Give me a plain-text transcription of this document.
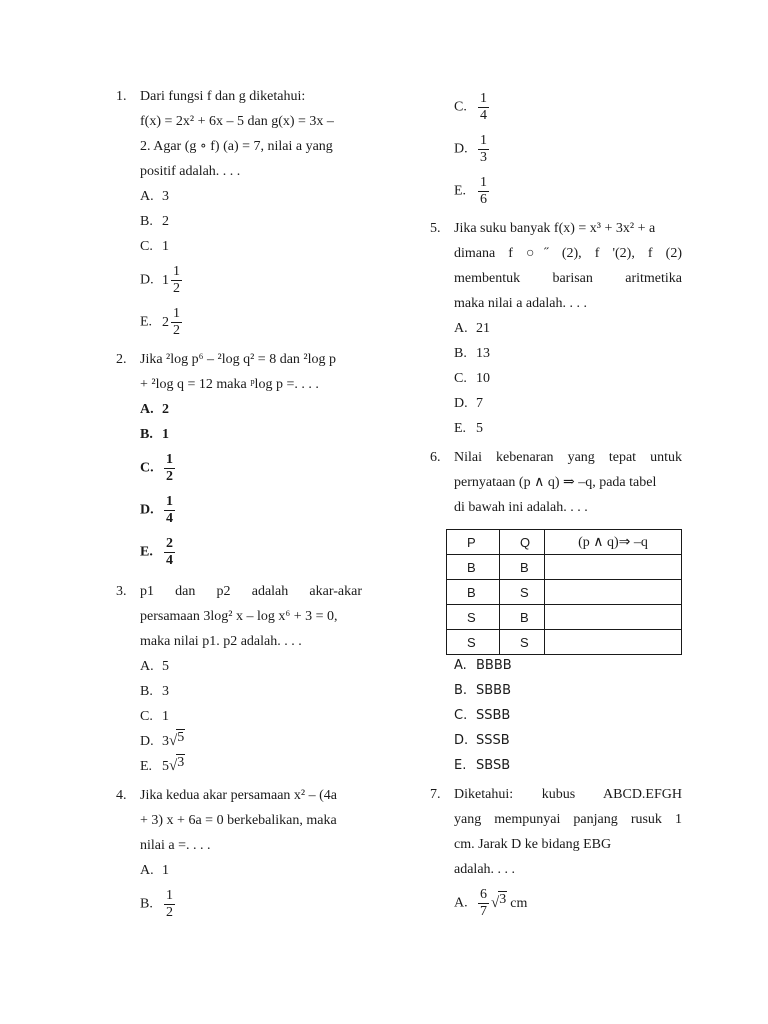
1. Dari fungsi f dan g diketahui:
f(x) = 2x² + 6x – 5 dan g(x) = 3x –
2. Agar (g ∘ f) (a) = 7, nilai a yang
positif adalah. . . .
A. 3
B. 2
C. 1
D. $1 \frac{1}{2}$
E. $2 \frac{1}{2}$
2. Jika ²log p⁶ – ²log q² = 8 dan ²log p
+ ²log q = 12 maka ᵖlog p =. . . .
A. 2
B. 1
C. $\frac{1}{2}$
D. $\frac{1}{4}$
E. $\frac{2}{4}$
3. p1 dan p2 adalah akar-akar
persamaan 3log² x – log x⁶ + 3 = 0,
maka nilai p1. p2 adalah. . . .
A. 5
B. 3
C. 1
D. 3 √ 5
E. 5 √ 3
4. Jika kedua akar persamaan x² – (4a
+ 3) x + 6a = 0 berkebalikan, maka
nilai a =. . . .
A. 1
B. $\frac{1}{2}$
C. $\frac{1}{4}$
D. $\frac{1}{3}$
E. $\frac{1}{6}$
5. Jika suku banyak f(x) = x³ + 3x² + a
dimana f ○˝ (2), f '(2), f (2)
membentuk barisan aritmetika
maka nilai a adalah. . . .
A. 21
B. 13
C. 10
D. 7
E. 5
6. Nilai kebenaran yang tepat untuk
pernyataan (p ∧ q) ⇒ –q, pada tabel
di bawah ini adalah. . . .
P	Q	(p ∧ q)⇒ –q
B	B	
B	S	
S	B	
S	S	
A. BBBB
B. SBBB
C. SSBB
D. SSSB
E. SBSB
7. Diketahui: kubus ABCD.EFGH
yang mempunyai panjang rusuk 1
cm. Jarak D ke bidang EBG
adalah. . . .
A. $\frac{6}{7}$ √ 3 cm
